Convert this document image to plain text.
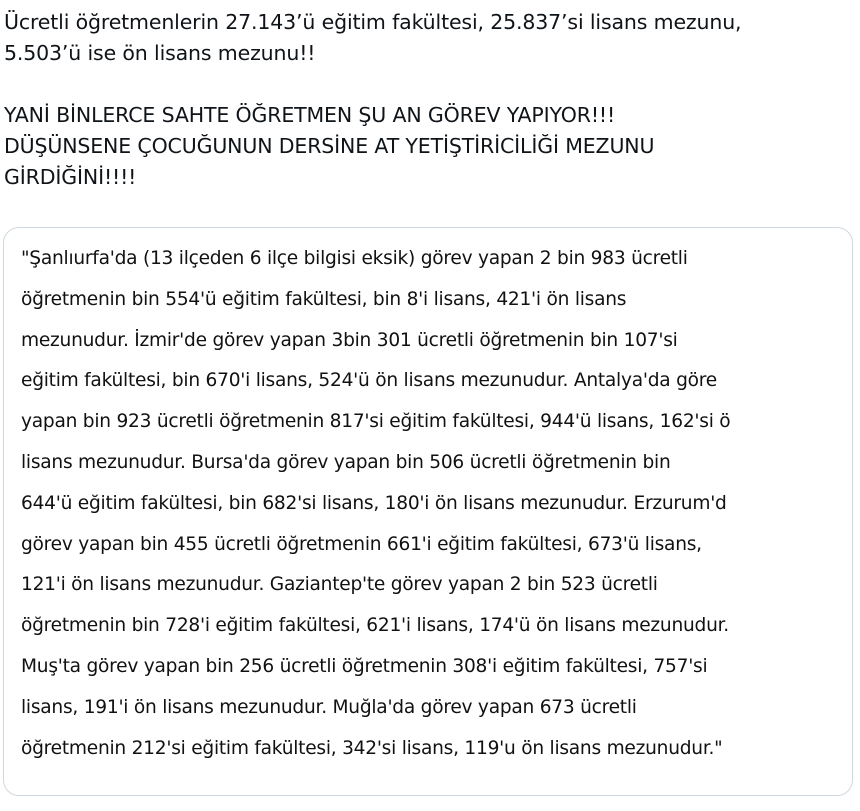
Ücretli öğretmenlerin 27.143’ü eğitim fakültesi, 25.837’si lisans mezunu,

5.503’ü ise ön lisans mezunu!!

YANİ BİNLERCE SAHTE ÖĞRETMEN ŞU AN GÖREV YAPIYOR!!!

DÜŞÜNSENE ÇOCUĞUNUN DERSİNE AT YETİŞTİRİCİLİĞİ MEZUNU

GİRDİĞİNİ!!!!

"Şanlıurfa'da (13 ilçeden 6 ilçe bilgisi eksik) görev yapan 2 bin 983 ücretli
öğretmenin bin 554'ü eğitim fakültesi, bin 8'i lisans, 421'i ön lisans
mezunudur. İzmir'de görev yapan 3bin 301 ücretli öğretmenin bin 107'si
eğitim fakültesi, bin 670'i lisans, 524'ü ön lisans mezunudur. Antalya'da göre
yapan bin 923 ücretli öğretmenin 817'si eğitim fakültesi, 944'ü lisans, 162'si ö
lisans mezunudur. Bursa'da görev yapan bin 506 ücretli öğretmenin bin
644'ü eğitim fakültesi, bin 682'si lisans, 180'i ön lisans mezunudur. Erzurum'd
görev yapan bin 455 ücretli öğretmenin 661'i eğitim fakültesi, 673'ü lisans,
121'i ön lisans mezunudur. Gaziantep'te görev yapan 2 bin 523 ücretli
öğretmenin bin 728'i eğitim fakültesi, 621'i lisans, 174'ü ön lisans mezunudur.
Muş'ta görev yapan bin 256 ücretli öğretmenin 308'i eğitim fakültesi, 757'si
lisans, 191'i ön lisans mezunudur. Muğla'da görev yapan 673 ücretli
öğretmenin 212'si eğitim fakültesi, 342'si lisans, 119'u ön lisans mezunudur."
